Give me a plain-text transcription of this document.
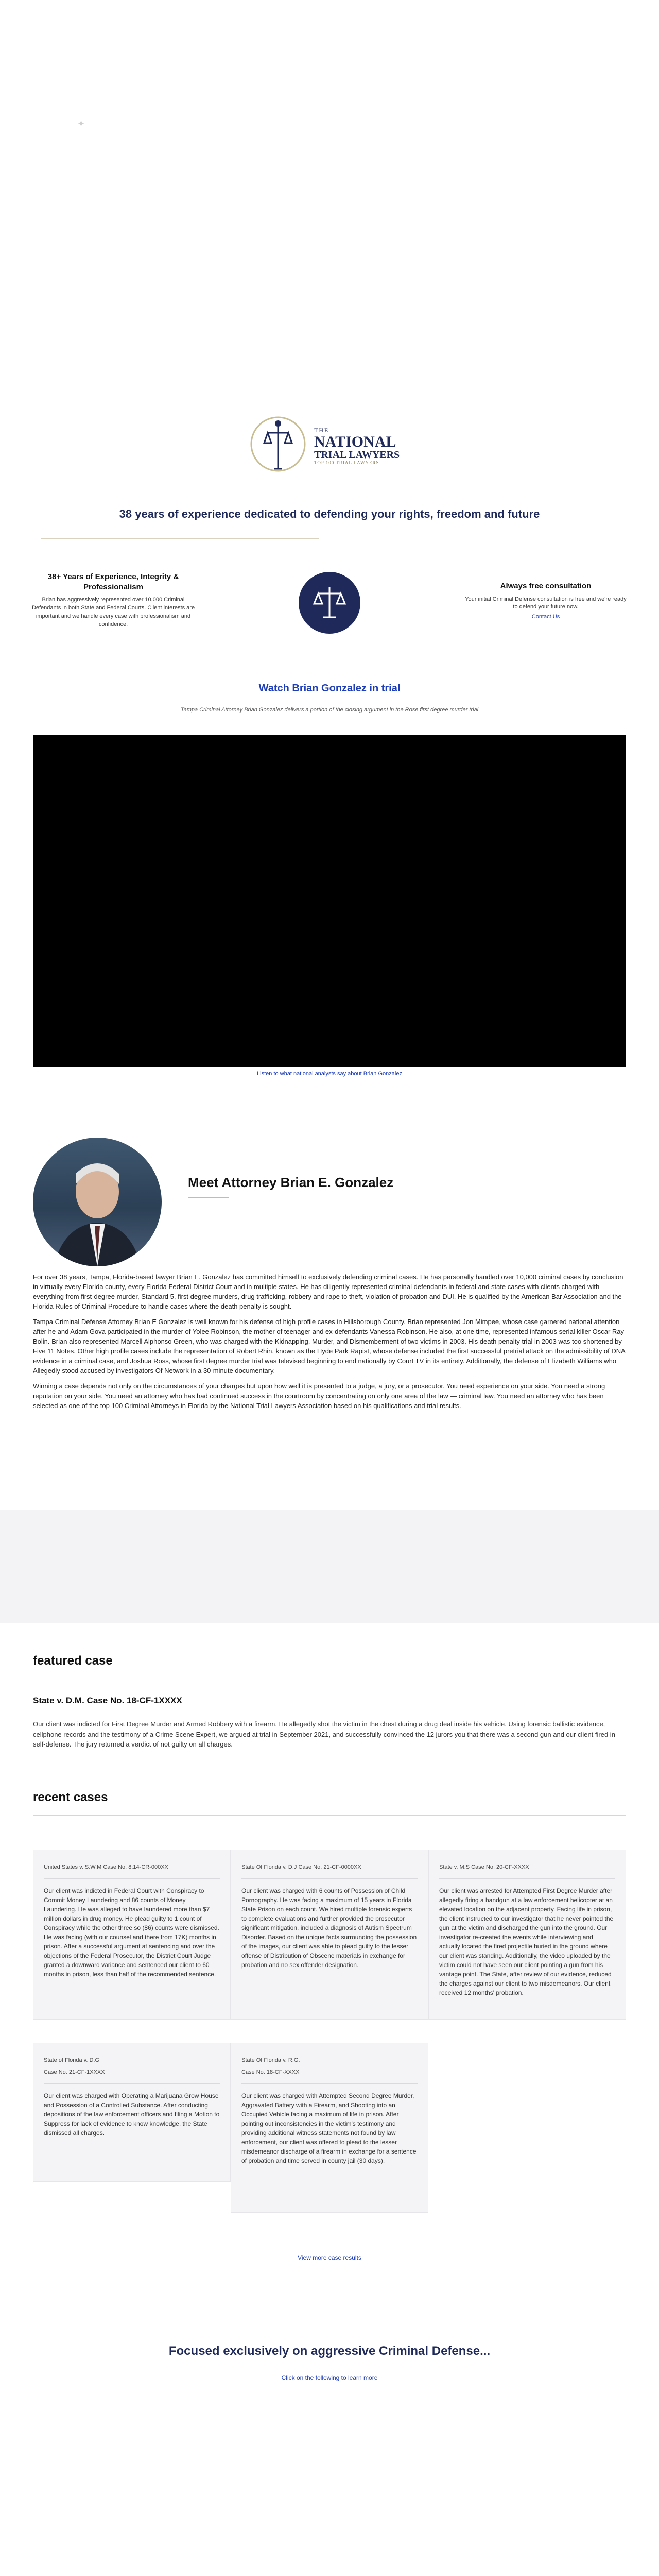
✦
THE
NATIONAL
TRIAL LAWYERS
TOP 100 TRIAL LAWYERS
38 years of experience dedicated to defending your rights, freedom and future
38+ Years of Experience, Integrity & Professionalism

Brian has aggressively represented over 10,000 Criminal Defendants in both State and Federal Courts. Client interests are important and we handle every case with professionalism and confidence.

Always free consultation

Your initial Criminal Defense consultation is free and we're ready to defend your future now.

Contact Us
Watch Brian Gonzalez in trial
Tampa Criminal Attorney Brian Gonzalez delivers a portion of the closing argument in the Rose first degree murder trial
Listen to what national analysts say about Brian Gonzalez
Meet Attorney Brian E. Gonzalez

For over 38 years, Tampa, Florida-based lawyer Brian E. Gonzalez has committed himself to exclusively defending criminal cases. He has personally handled over 10,000 criminal cases by conclusion in virtually every Florida county, every Florida Federal District Court and in multiple states. He has diligently represented criminal defendants in federal and state cases with clients charged with everything from first-degree murder, Standard 5, first degree murders, drug trafficking, robbery and rape to theft, violation of probation and DUI. He is qualified by the American Bar Association and the Florida Rules of Criminal Procedure to handle cases where the death penalty is sought.

Tampa Criminal Defense Attorney Brian E Gonzalez is well known for his defense of high profile cases in Hillsborough County. Brian represented Jon Mimpee, whose case garnered national attention after he and Adam Gova participated in the murder of Yolee Robinson, the mother of teenager and ex-defendants Vanessa Robinson. He also, at one time, represented infamous serial killer Oscar Ray Bolin. Brian also represented Marcell Alphonso Green, who was charged with the Kidnapping, Murder, and Dismemberment of two victims in 2003. His death penalty trial in 2003 was too shortened by Five 11 Notes. Other high profile cases include the representation of Robert Rhin, known as the Hyde Park Rapist, whose defense included the first successful pretrial attack on the admissibility of DNA evidence in a criminal case, and Joshua Ross, whose first degree murder trial was televised beginning to end nationally by Court TV in its entirety. Additionally, the defense of Elizabeth Williams who Allegedly stood accused by investigators Of Network in a 30-minute documentary.

Winning a case depends not only on the circumstances of your charges but upon how well it is presented to a judge, a jury, or a prosecutor. You need experience on your side. You need a strong reputation on your side. You need an attorney who has had continued success in the courtroom by concentrating on only one area of the law — criminal law. You need an attorney who has been selected as one of the top 100 Criminal Attorneys in Florida by the National Trial Lawyers Association based on his qualifications and trial results.

featured case
State v. D.M. Case No. 18-CF-1XXXX

Our client was indicted for First Degree Murder and Armed Robbery with a firearm. He allegedly shot the victim in the chest during a drug deal inside his vehicle. Using forensic ballistic evidence, cellphone records and the testimony of a Crime Scene Expert, we argued at trial in September 2021, and successfully convinced the 12 jurors you that there was a second gun and our client fired in self-defense. The jury returned a verdict of not guilty on all charges.

recent cases
United States v. S.W.M Case No. 8:14-CR-000XX
Our client was indicted in Federal Court with Conspiracy to Commit Money Laundering and 86 counts of Money Laundering. He was alleged to have laundered more than $7 million dollars in drug money. He plead guilty to 1 count of Conspiracy while the other three so (86) counts were dismissed. He was facing (with our counsel and there from 17K) months in prison. After a successful argument at sentencing and over the objections of the Federal Prosecutor, the District Court Judge granted a downward variance and sentenced our client to 60 months in prison, less than half of the recommended sentence.
State Of Florida v. D.J Case No. 21-CF-0000XX
Our client was charged with 6 counts of Possession of Child Pornography. He was facing a maximum of 15 years in Florida State Prison on each count. We hired multiple forensic experts to complete evaluations and further provided the prosecutor significant mitigation, included a diagnosis of Autism Spectrum Disorder. Based on the unique facts surrounding the possession of the images, our client was able to plead guilty to the lesser offense of Distribution of Obscene materials in exchange for probation and no sex offender designation.
State v. M.S Case No. 20-CF-XXXX
Our client was arrested for Attempted First Degree Murder after allegedly firing a handgun at a law enforcement helicopter at an elevated location on the adjacent property. Facing life in prison, the client instructed to our investigator that he never pointed the gun at the victim and discharged the gun into the ground. Our investigator re-created the events while interviewing and actually located the fired projectile buried in the ground where our client was standing. Additionally, the video uploaded by the victim could not have seen our client pointing a gun from his vantage point. The State, after review of our evidence, reduced the charges against our client to two misdemeanors. Our client received 12 months' probation.
State of Florida v. D.G
Case No. 21-CF-1XXXX
Our client was charged with Operating a Marijuana Grow House and Possession of a Controlled Substance. After conducting depositions of the law enforcement officers and filing a Motion to Suppress for lack of evidence to know knowledge, the State dismissed all charges.
State Of Florida v. R.G.
Case No. 18-CF-XXXX
Our client was charged with Attempted Second Degree Murder, Aggravated Battery with a Firearm, and Shooting into an Occupied Vehicle facing a maximum of life in prison. After pointing out inconsistencies in the victim's testimony and providing additional witness statements not found by law enforcement, our client was offered to plead to the lesser misdemeanor discharge of a firearm in exchange for a sentence of probation and time served in county jail (30 days).
View more case results
Focused exclusively on aggressive Criminal Defense...
Click on the following to learn more
